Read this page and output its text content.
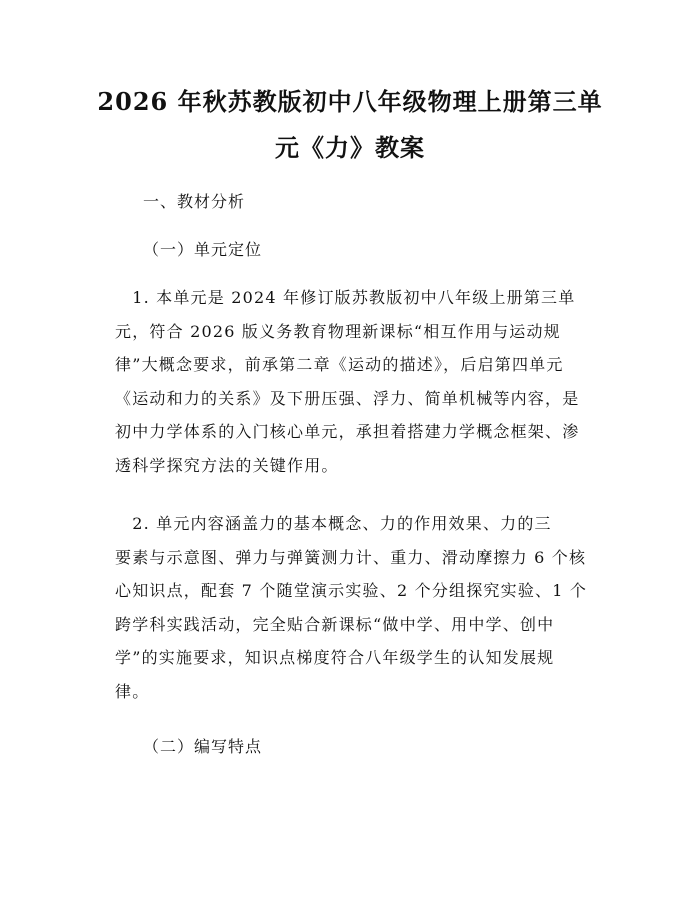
2026 年秋苏教版初中八年级物理上册第三单
元《力》教案
一、教材分析
（一）单元定位
　1. 本单元是 2024 年修订版苏教版初中八年级上册第三单
元，符合 2026 版义务教育物理新课标“相互作用与运动规
律”大概念要求，前承第二章《运动的描述》，后启第四单元
《运动和力的关系》及下册压强、浮力、简单机械等内容，是
初中力学体系的入门核心单元，承担着搭建力学概念框架、渗
透科学探究方法的关键作用。
　2. 单元内容涵盖力的基本概念、力的作用效果、力的三
要素与示意图、弹力与弹簧测力计、重力、滑动摩擦力 6 个核
心知识点，配套 7 个随堂演示实验、2 个分组探究实验、1 个
跨学科实践活动，完全贴合新课标“做中学、用中学、创中
学”的实施要求，知识点梯度符合八年级学生的认知发展规
律。
（二）编写特点
